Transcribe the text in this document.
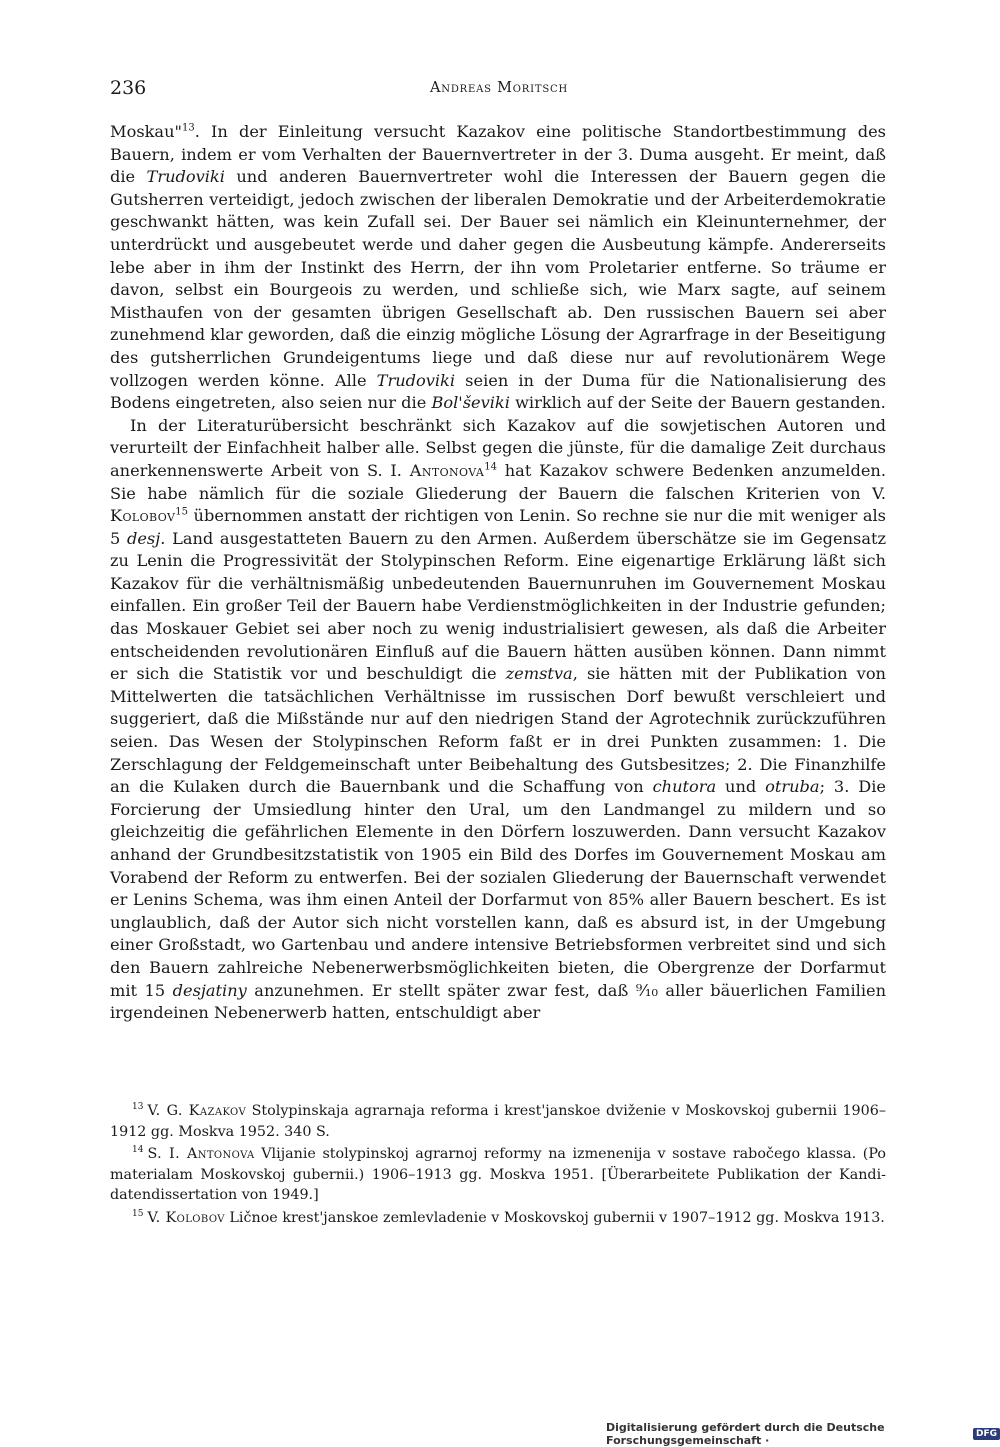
236	Andreas Moritsch

Moskau"$^{13}$. In der Einleitung versucht Kazakov eine politische Standortbestimmung des Bauern, indem er vom Verhalten der Bauernvertreter in der 3. Duma ausgeht. Er meint, daß die Trudoviki und anderen Bauernvertreter wohl die Interessen der Bauern gegen die Gutsherren verteidigt, jedoch zwischen der liberalen Demokratie und der Arbeiterdemokratie geschwankt hätten, was kein Zufall sei. Der Bauer sei nämlich ein Kleinunternehmer, der unterdrückt und ausgebeutet werde und daher gegen die Ausbeutung kämpfe. Andererseits lebe aber in ihm der Instinkt des Herrn, der ihn vom Proletarier entferne. So träume er davon, selbst ein Bourgeois zu werden, und schließe sich, wie Marx sagte, auf seinem Misthaufen von der gesamten übrigen Gesellschaft ab. Den russischen Bauern sei aber zunehmend klar geworden, daß die einzig mögliche Lösung der Agrarfrage in der Beseitigung des gutsherrlichen Grundeigentums liege und daß diese nur auf revolutionärem Wege vollzogen werden könne. Alle Trudoviki seien in der Duma für die Nationalisierung des Bodens eingetreten, also seien nur die Bol'ševiki wirklich auf der Seite der Bauern gestanden.

In der Literaturübersicht beschränkt sich Kazakov auf die sowjetischen Autoren und verurteilt der Einfachheit halber alle. Selbst gegen die jünste, für die damalige Zeit durchaus anerkennenswerte Arbeit von S. I. Antonova$^{14}$ hat Kazakov schwere Bedenken anzumelden. Sie habe nämlich für die soziale Gliederung der Bauern die falschen Kriterien von V. Kolobov$^{15}$ übernommen anstatt der richtigen von Lenin. So rechne sie nur die mit weniger als 5 desj. Land ausgestatteten Bauern zu den Armen. Außerdem überschätze sie im Gegensatz zu Lenin die Progressivität der Stolypinschen Reform. Eine eigenartige Erklärung läßt sich Kazakov für die verhältnismäßig unbedeutenden Bauernunruhen im Gouvernement Moskau einfallen. Ein großer Teil der Bauern habe Verdienstmöglichkeiten in der Industrie gefunden; das Moskauer Gebiet sei aber noch zu wenig industrialisiert gewesen, als daß die Arbeiter entscheidenden revolutionären Einfluß auf die Bauern hätten ausüben können. Dann nimmt er sich die Statistik vor und beschuldigt die zemstva, sie hätten mit der Publikation von Mittelwerten die tatsächlichen Verhältnisse im russischen Dorf bewußt verschleiert und suggeriert, daß die Mißstände nur auf den niedrigen Stand der Agrotechnik zurückzuführen seien. Das Wesen der Stolypinschen Reform faßt er in drei Punkten zusammen: 1. Die Zerschlagung der Feldgemeinschaft unter Beibehaltung des Gutsbesitzes; 2. Die Finanzhilfe an die Kulaken durch die Bauernbank und die Schaffung von chutora und otruba; 3. Die Forcierung der Umsiedlung hinter den Ural, um den Landmangel zu mildern und so gleichzeitig die gefährlichen Elemente in den Dörfern loszuwerden. Dann versucht Kazakov anhand der Grundbesitzstatistik von 1905 ein Bild des Dorfes im Gouvernement Moskau am Vorabend der Reform zu entwerfen. Bei der sozialen Gliederung der Bauernschaft verwendet er Lenins Schema, was ihm einen Anteil der Dorfarmut von 85% aller Bauern beschert. Es ist unglaublich, daß der Autor sich nicht vorstellen kann, daß es absurd ist, in der Umgebung einer Großstadt, wo Gartenbau und andere intensive Betriebsformen verbreitet sind und sich den Bauern zahlreiche Nebenerwerbsmöglichkeiten bieten, die Obergrenze der Dorfarmut mit 15 desjatiny anzunehmen. Er stellt später zwar fest, daß ⁹⁄₁₀ aller bäuerlichen Familien irgendeinen Nebenerwerb hatten, entschuldigt aber

$^{13}$ V. G. Kazakov Stolypinskaja agrarnaja reforma i krest'janskoe dviženie v Moskovskoj gubernii 1906–1912 gg. Moskva 1952. 340 S.

$^{14}$ S. I. Antonova Vlijanie stolypinskoj agrarnoj reformy na izmenenija v sostave rabočego klassa. (Po materialam Moskovskoj gubernii.) 1906–1913 gg. Moskva 1951. [Überarbeitete Publikation der Kandidatendissertation von 1949.]

$^{15}$ V. Kolobov Ličnoe krest'janskoe zemlevladenie v Moskovskoj gubernii v 1907–1912 gg. Moskva 1913.

Digitalisierung gefördert durch die Deutsche Forschungsgemeinschaft ·	DFG
